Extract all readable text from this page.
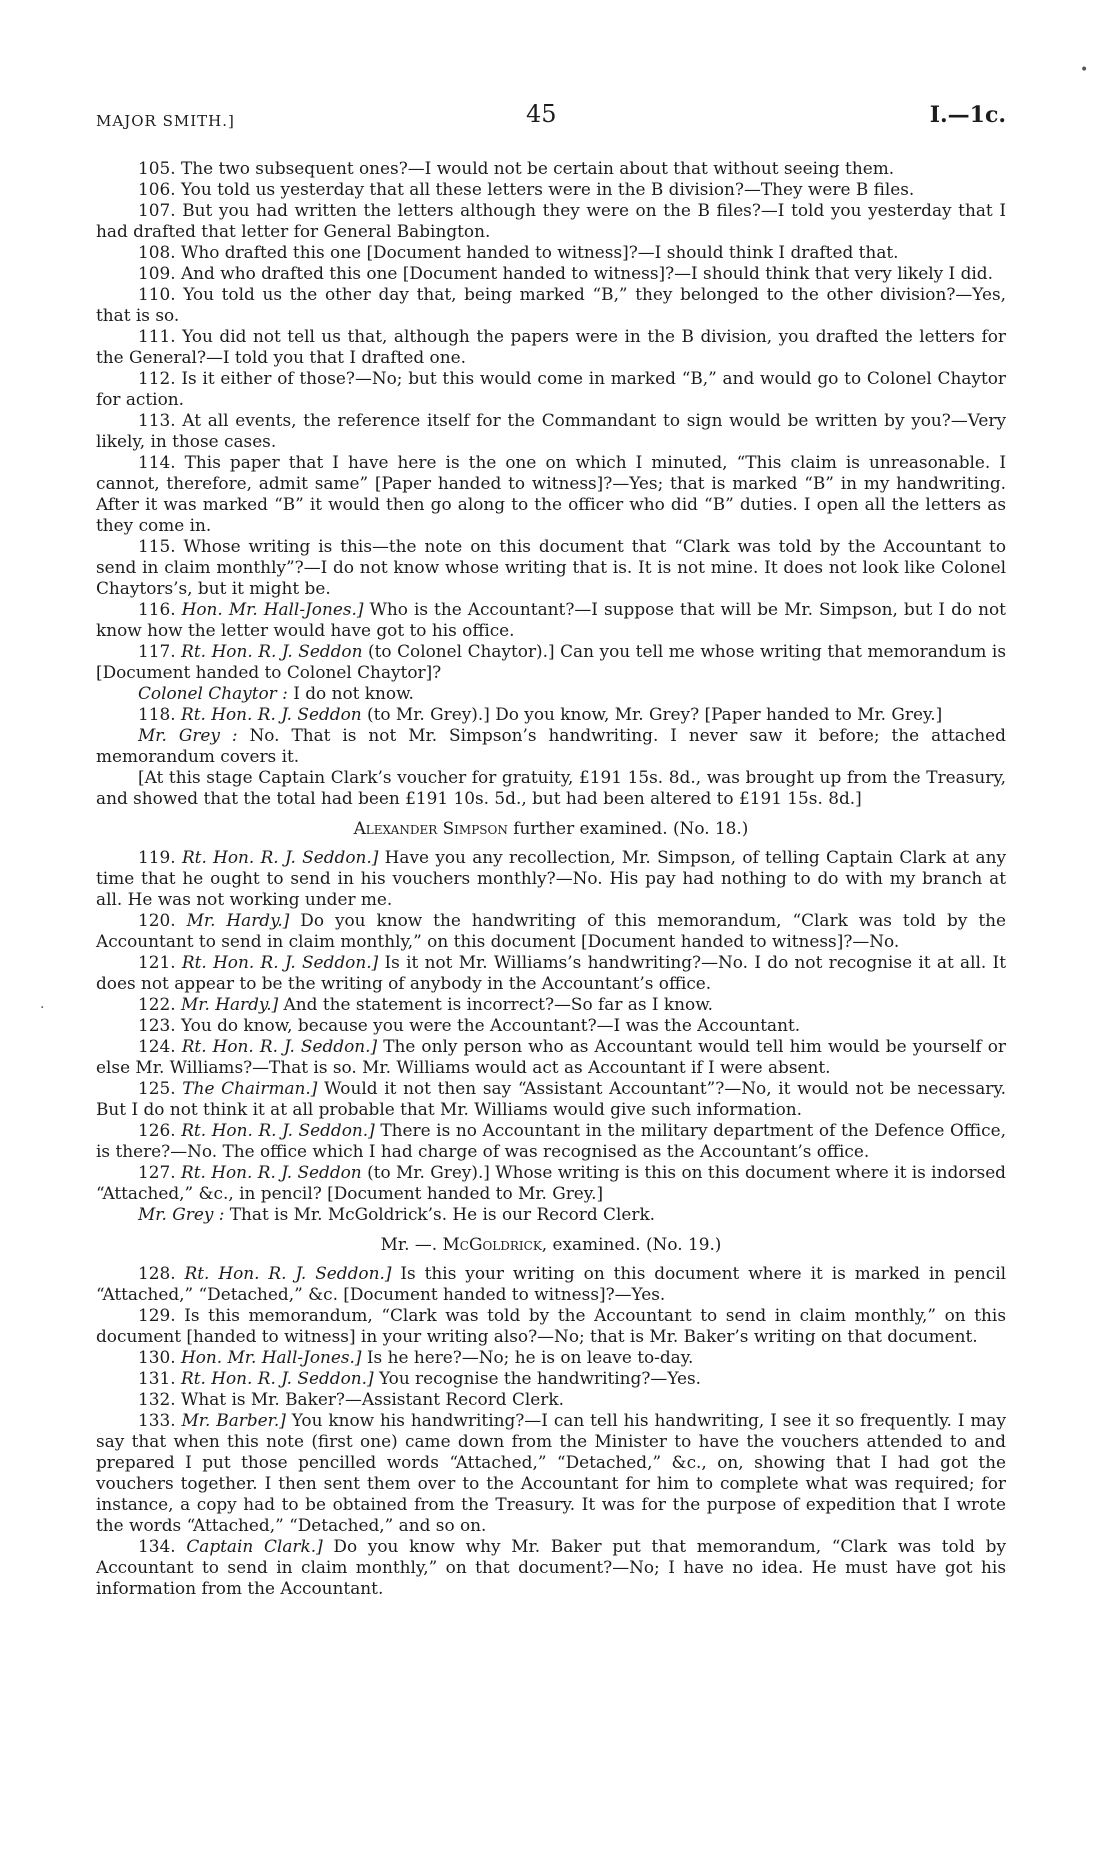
MAJOR SMITH.]	45	I.—1c.
•
·

105. The two subsequent ones?—I would not be certain about that without seeing them.

106. You told us yesterday that all these letters were in the B division?—They were B files.

107. But you had written the letters although they were on the B files?—I told you yesterday that I had drafted that letter for General Babington.

108. Who drafted this one [Document handed to witness]?—I should think I drafted that.

109. And who drafted this one [Document handed to witness]?—I should think that very likely I did.

110. You told us the other day that, being marked “B,” they belonged to the other division?—Yes, that is so.

111. You did not tell us that, although the papers were in the B division, you drafted the letters for the General?—I told you that I drafted one.

112. Is it either of those?—No; but this would come in marked “B,” and would go to Colonel Chaytor for action.

113. At all events, the reference itself for the Commandant to sign would be written by you?—Very likely, in those cases.

114. This paper that I have here is the one on which I minuted, “This claim is unreasonable. I cannot, therefore, admit same” [Paper handed to witness]?—Yes; that is marked “B” in my handwriting. After it was marked “B” it would then go along to the officer who did “B” duties. I open all the letters as they come in.

115. Whose writing is this—the note on this document that “Clark was told by the Accountant to send in claim monthly”?—I do not know whose writing that is. It is not mine. It does not look like Colonel Chaytors’s, but it might be.

116. Hon. Mr. Hall-Jones.] Who is the Accountant?—I suppose that will be Mr. Simpson, but I do not know how the letter would have got to his office.

117. Rt. Hon. R. J. Seddon (to Colonel Chaytor).] Can you tell me whose writing that memorandum is [Document handed to Colonel Chaytor]?

Colonel Chaytor : I do not know.

118. Rt. Hon. R. J. Seddon (to Mr. Grey).] Do you know, Mr. Grey? [Paper handed to Mr. Grey.]

Mr. Grey : No. That is not Mr. Simpson’s handwriting. I never saw it before; the attached memorandum covers it.

[At this stage Captain Clark’s voucher for gratuity, £191 15s. 8d., was brought up from the Treasury, and showed that the total had been £191 10s. 5d., but had been altered to £191 15s. 8d.]

Alexander Simpson further examined. (No. 18.)

119. Rt. Hon. R. J. Seddon.] Have you any recollection, Mr. Simpson, of telling Captain Clark at any time that he ought to send in his vouchers monthly?—No. His pay had nothing to do with my branch at all. He was not working under me.

120. Mr. Hardy.] Do you know the handwriting of this memorandum, “Clark was told by the Accountant to send in claim monthly,” on this document [Document handed to witness]?—No.

121. Rt. Hon. R. J. Seddon.] Is it not Mr. Williams’s handwriting?—No. I do not recognise it at all. It does not appear to be the writing of anybody in the Accountant’s office.

122. Mr. Hardy.] And the statement is incorrect?—So far as I know.

123. You do know, because you were the Accountant?—I was the Accountant.

124. Rt. Hon. R. J. Seddon.] The only person who as Accountant would tell him would be yourself or else Mr. Williams?—That is so. Mr. Williams would act as Accountant if I were absent.

125. The Chairman.] Would it not then say “Assistant Accountant”?—No, it would not be necessary. But I do not think it at all probable that Mr. Williams would give such information.

126. Rt. Hon. R. J. Seddon.] There is no Accountant in the military department of the Defence Office, is there?—No. The office which I had charge of was recognised as the Accountant’s office.

127. Rt. Hon. R. J. Seddon (to Mr. Grey).] Whose writing is this on this document where it is indorsed “Attached,” &c., in pencil? [Document handed to Mr. Grey.]

Mr. Grey : That is Mr. McGoldrick’s. He is our Record Clerk.

Mr. —. McGoldrick, examined. (No. 19.)

128. Rt. Hon. R. J. Seddon.] Is this your writing on this document where it is marked in pencil “Attached,” “Detached,” &c. [Document handed to witness]?—Yes.

129. Is this memorandum, “Clark was told by the Accountant to send in claim monthly,” on this document [handed to witness] in your writing also?—No; that is Mr. Baker’s writing on that document.

130. Hon. Mr. Hall-Jones.] Is he here?—No; he is on leave to-day.

131. Rt. Hon. R. J. Seddon.] You recognise the handwriting?—Yes.

132. What is Mr. Baker?—Assistant Record Clerk.

133. Mr. Barber.] You know his handwriting?—I can tell his handwriting, I see it so frequently. I may say that when this note (first one) came down from the Minister to have the vouchers attended to and prepared I put those pencilled words “Attached,” “Detached,” &c., on, showing that I had got the vouchers together. I then sent them over to the Accountant for him to complete what was required; for instance, a copy had to be obtained from the Treasury. It was for the purpose of expedition that I wrote the words “Attached,” “Detached,” and so on.

134. Captain Clark.] Do you know why Mr. Baker put that memorandum, “Clark was told by Accountant to send in claim monthly,” on that document?—No; I have no idea. He must have got his information from the Accountant.
